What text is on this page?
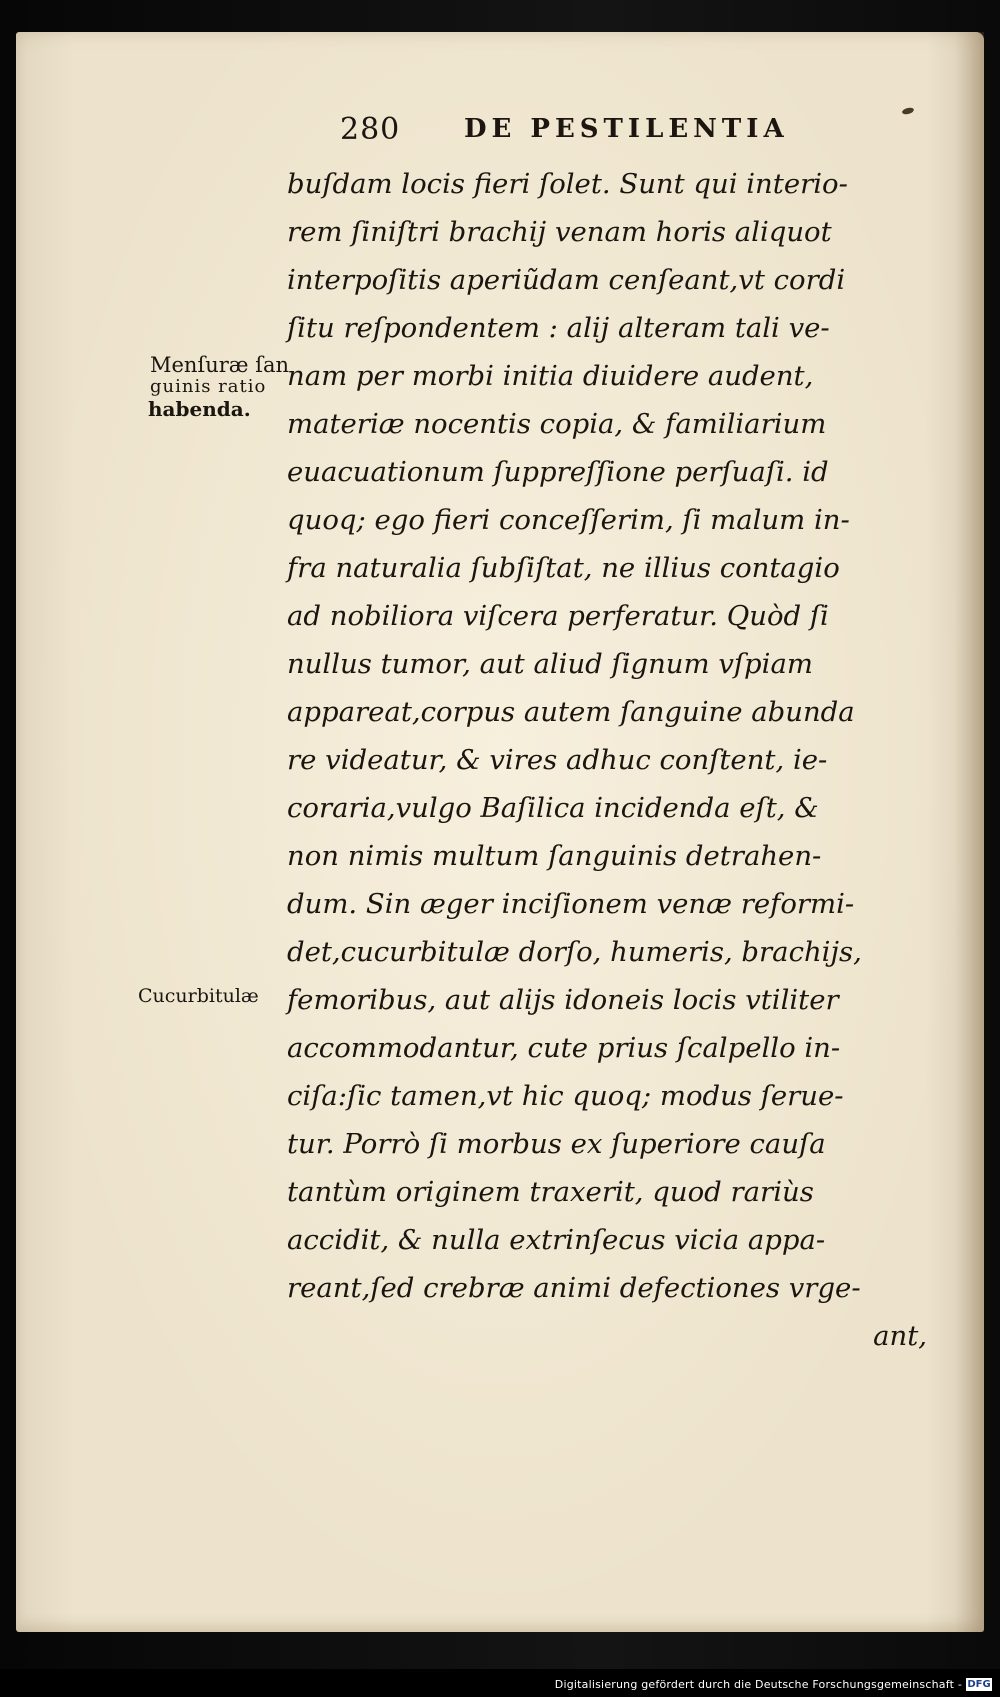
280 DE PESTILENTIA
Menſuræ ſan
guinis ratio
habenda.
Cucurbitulæ
buſdam locis fieri ſolet. Sunt qui interio-
rem ſiniſtri brachij venam horis aliquot
interpoſitis aperiũdam cenſeant,vt cordi
ſitu reſpondentem : alij alteram tali ve-
nam per morbi initia diuidere audent,
materiæ nocentis copia, & familiarium
euacuationum ſuppreſſione perſuaſi. id
quoq; ego fieri conceſſerim, ſi malum in-
fra naturalia ſubſiſtat, ne illius contagio
ad nobiliora viſcera perferatur. Quòd ſi
nullus tumor, aut aliud ſignum vſpiam
appareat,corpus autem ſanguine abunda
re videatur, & vires adhuc conſtent, ie-
coraria,vulgo Baſilica incidenda eſt, &
non nimis multum ſanguinis detrahen-
dum. Sin æger inciſionem venæ reformi-
det,cucurbitulæ dorſo, humeris, brachijs,
femoribus, aut alijs idoneis locis vtiliter
accommodantur, cute prius ſcalpello in-
ciſa:ſic tamen,vt hic quoq; modus ſerue-
tur. Porrò ſi morbus ex ſuperiore cauſa
tantùm originem traxerit, quod rariùs
accidit, & nulla extrinſecus vicia appa-
reant,ſed crebræ animi defectiones vrge-
ant,
Digitalisierung gefördert durch die Deutsche Forschungsgemeinschaft - DFG
